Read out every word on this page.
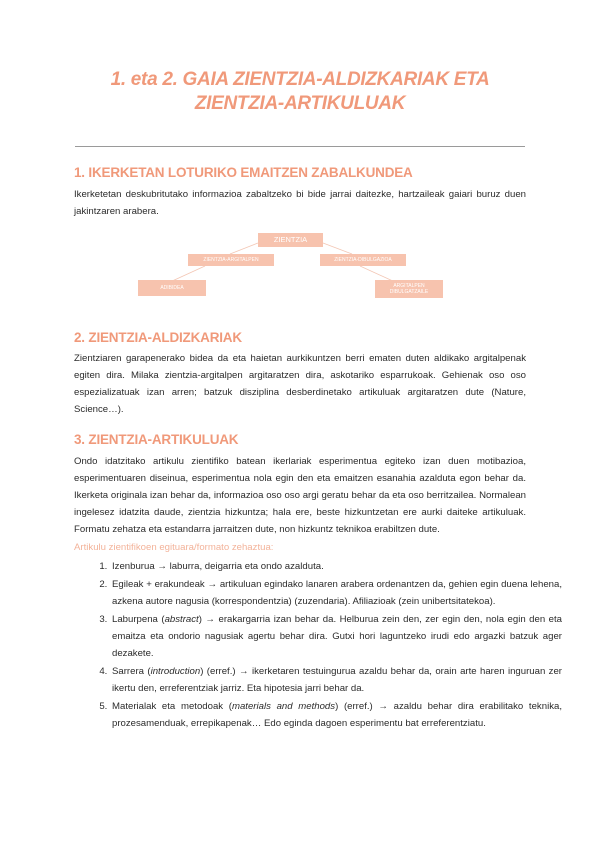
1. eta 2. GAIA ZIENTZIA-ALDIZKARIAK ETA
ZIENTZIA-ARTIKULUAK
1. IKERKETAN LOTURIKO EMAITZEN ZABALKUNDEA
Ikerketetan deskubritutako informazioa zabaltzeko bi bide jarrai daitezke, hartzaileak gaiari buruz duen jakintzaren arabera.
ZIENTZIA
ZIENTZIA-ARGITALPEN	ZIENTZIA-DIBULGAZIOA
ADIBIDEA	ARGITALPEN
DIBULGATZAILE
2. ZIENTZIA-ALDIZKARIAK
Zientziaren garapenerako bidea da eta haietan aurkikuntzen berri ematen duten aldikako argitalpenak egiten dira. Milaka zientzia-argitalpen argitaratzen dira, askotariko esparrukoak. Gehienak oso oso espezializatuak izan arren; batzuk disziplina desberdinetako artikuluak argitaratzen dute (Nature, Science…).
3. ZIENTZIA-ARTIKULUAK
Ondo idatzitako artikulu zientifiko batean ikerlariak esperimentua egiteko izan duen motibazioa, esperimentuaren diseinua, esperimentua nola egin den eta emaitzen esanahia azalduta egon behar da. Ikerketa originala izan behar da, informazioa oso oso argi geratu behar da eta oso berritzailea. Normalean ingelesez idatzita daude, zientzia hizkuntza; hala ere, beste hizkuntzetan ere aurki daiteke artikuluak. Formatu zehatza eta estandarra jarraitzen dute, non hizkuntz teknikoa erabiltzen dute.
Artikulu zientifikoen egituara/formato zehaztua:
1. Izenburua → laburra, deigarria eta ondo azalduta.
2. Egileak + erakundeak → artikuluan egindako lanaren arabera ordenantzen da, gehien egin duena lehena, azkena autore nagusia (korrespondentzia) (zuzendaria). Afiliazioak (zein unibertsitatekoa).
3. Laburpena (abstract) → erakargarria izan behar da. Helburua zein den, zer egin den, nola egin den eta emaitza eta ondorio nagusiak agertu behar dira. Gutxi hori laguntzeko irudi edo argazki batzuk ager dezakete.
4. Sarrera (introduction) (erref.) → ikerketaren testuingurua azaldu behar da, orain arte haren inguruan zer ikertu den, erreferentziak jarriz. Eta hipotesia jarri behar da.
5. Materialak eta metodoak (materials and methods) (erref.) → azaldu behar dira erabilitako teknika, prozesamenduak, errepikapenak… Edo egindа dagoen esperimentu bat erreferentziatu.
